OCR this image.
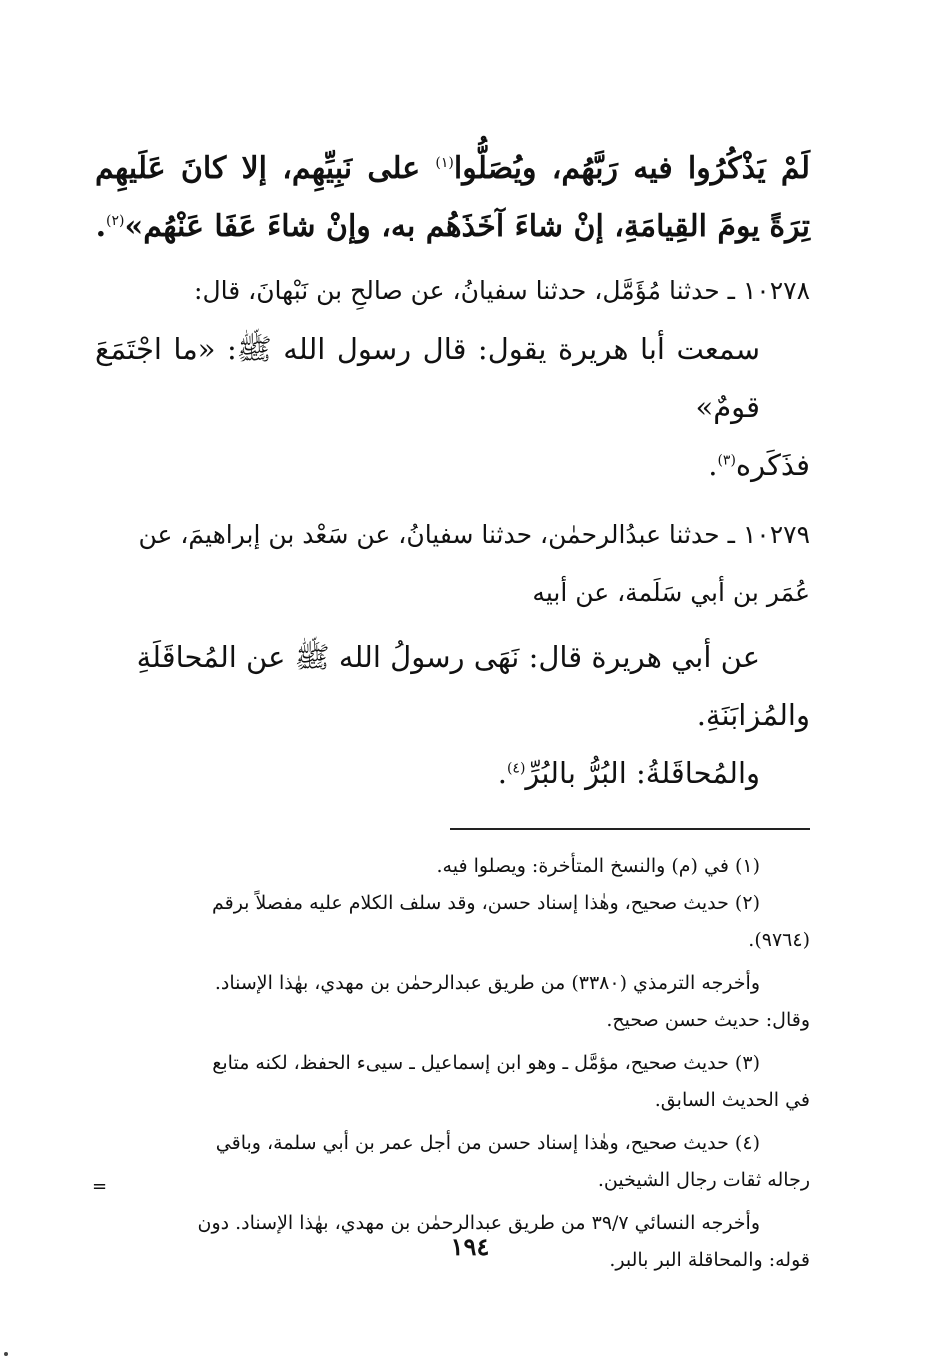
لَمْ يَذْكُرُوا فيه رَبَّهُم، ويُصَلُّوا$^{(١)}$ على نَبِيِّهِم، إلا كانَ عَلَيهِم تِرَةً يومَ القِيامَةِ، إنْ شاءَ آخَذَهُم به، وإنْ شاءَ عَفَا عَنْهُم»$^{(٢)}$.

١٠٢٧٨ ـ حدثنا مُؤَمَّل، حدثنا سفيانُ، عن صالحِ بن نَبْهانَ، قال:

سمعت أبا هريرة يقول: قال رسول الله ﷺ: «ما اجْتَمَعَ قومٌ»

فذَكَره$^{(٣)}$.

١٠٢٧٩ ـ حدثنا عبدُالرحمٰن، حدثنا سفيانُ، عن سَعْد بن إبراهيمَ، عن

عُمَر بن أبي سَلَمة، عن أبيه

عن أبي هريرة قال: نَهَى رسولُ الله ﷺ عن المُحاقَلَةِ

والمُزابَنَةِ.

والمُحاقَلةُ: البُرُّ بالبُرِّ$^{(٤)}$.

(١) في (م) والنسخ المتأخرة: ويصلوا فيه.

(٢) حديث صحيح، وهٰذا إسناد حسن، وقد سلف الكلام عليه مفصلاً برقم

(٩٧٦٤).

وأخرجه الترمذي (٣٣٨٠) من طريق عبدالرحمٰن بن مهدي، بهٰذا الإسناد.

وقال: حديث حسن صحيح.

(٣) حديث صحيح، مؤمَّل ـ وهو ابن إسماعيل ـ سيىء الحفظ، لكنه متابع

في الحديث السابق.

(٤) حديث صحيح، وهٰذا إسناد حسن من أجل عمر بن أبي سلمة، وباقي

رجاله ثقات رجال الشيخين.

وأخرجه النسائي ٣٩/٧ من طريق عبدالرحمٰن بن مهدي، بهٰذا الإسناد. دون

قوله: والمحاقلة البر بالبر.

=
١٩٤
